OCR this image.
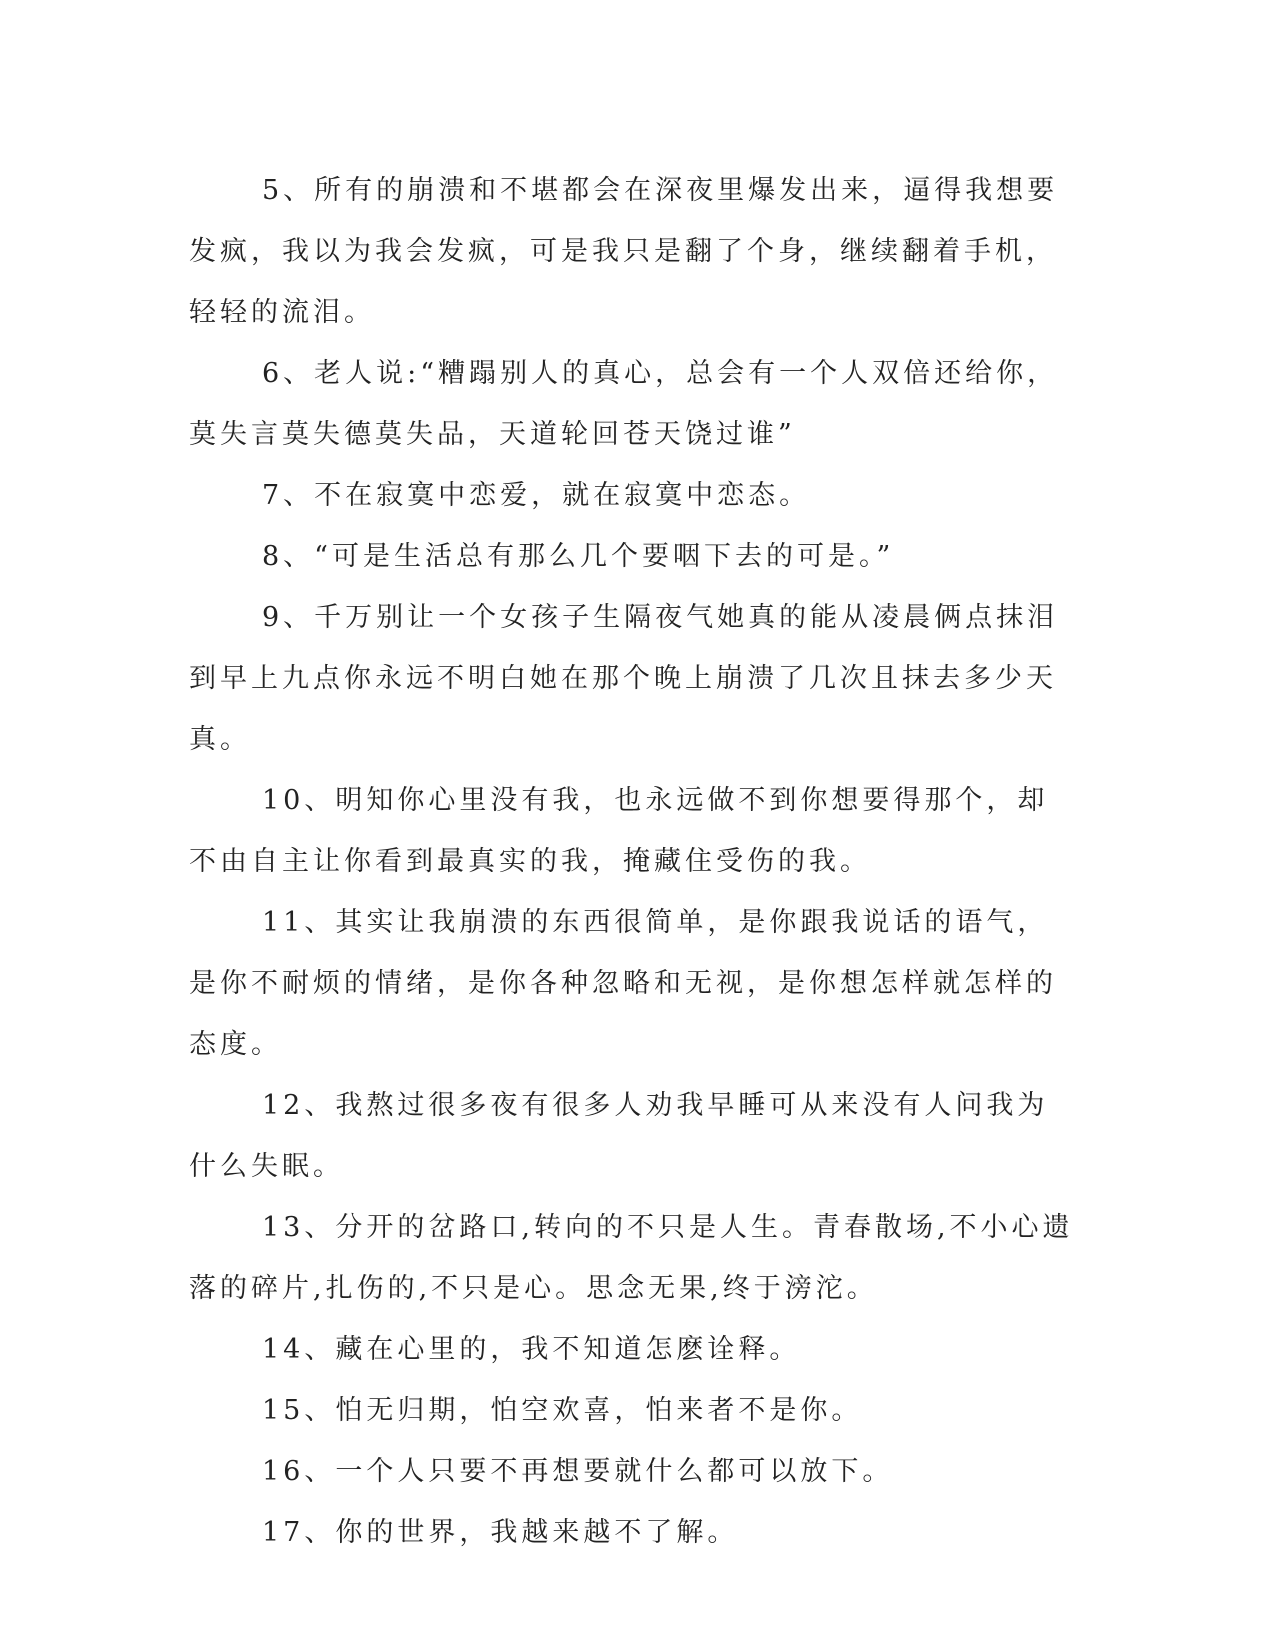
5、所有的崩溃和不堪都会在深夜里爆发出来，逼得我想要发疯，我以为我会发疯，可是我只是翻了个身，继续翻着手机，轻轻的流泪。

6、老人说:“糟蹋别人的真心，总会有一个人双倍还给你，莫失言莫失德莫失品，天道轮回苍天饶过谁”

7、不在寂寞中恋爱，就在寂寞中恋态。

8、“可是生活总有那么几个要咽下去的可是。”

9、千万别让一个女孩子生隔夜气她真的能从凌晨俩点抹泪到早上九点你永远不明白她在那个晚上崩溃了几次且抹去多少天真。

10、明知你心里没有我，也永远做不到你想要得那个，却不由自主让你看到最真实的我，掩藏住受伤的我。

11、其实让我崩溃的东西很简单，是你跟我说话的语气，是你不耐烦的情绪，是你各种忽略和无视，是你想怎样就怎样的态度。

12、我熬过很多夜有很多人劝我早睡可从来没有人问我为什么失眠。

13、分开的岔路口,转向的不只是人生。青春散场,不小心遗落的碎片,扎伤的,不只是心。思念无果,终于滂沱。

14、藏在心里的，我不知道怎麽诠释。

15、怕无归期，怕空欢喜，怕来者不是你。

16、一个人只要不再想要就什么都可以放下。

17、你的世界，我越来越不了解。
